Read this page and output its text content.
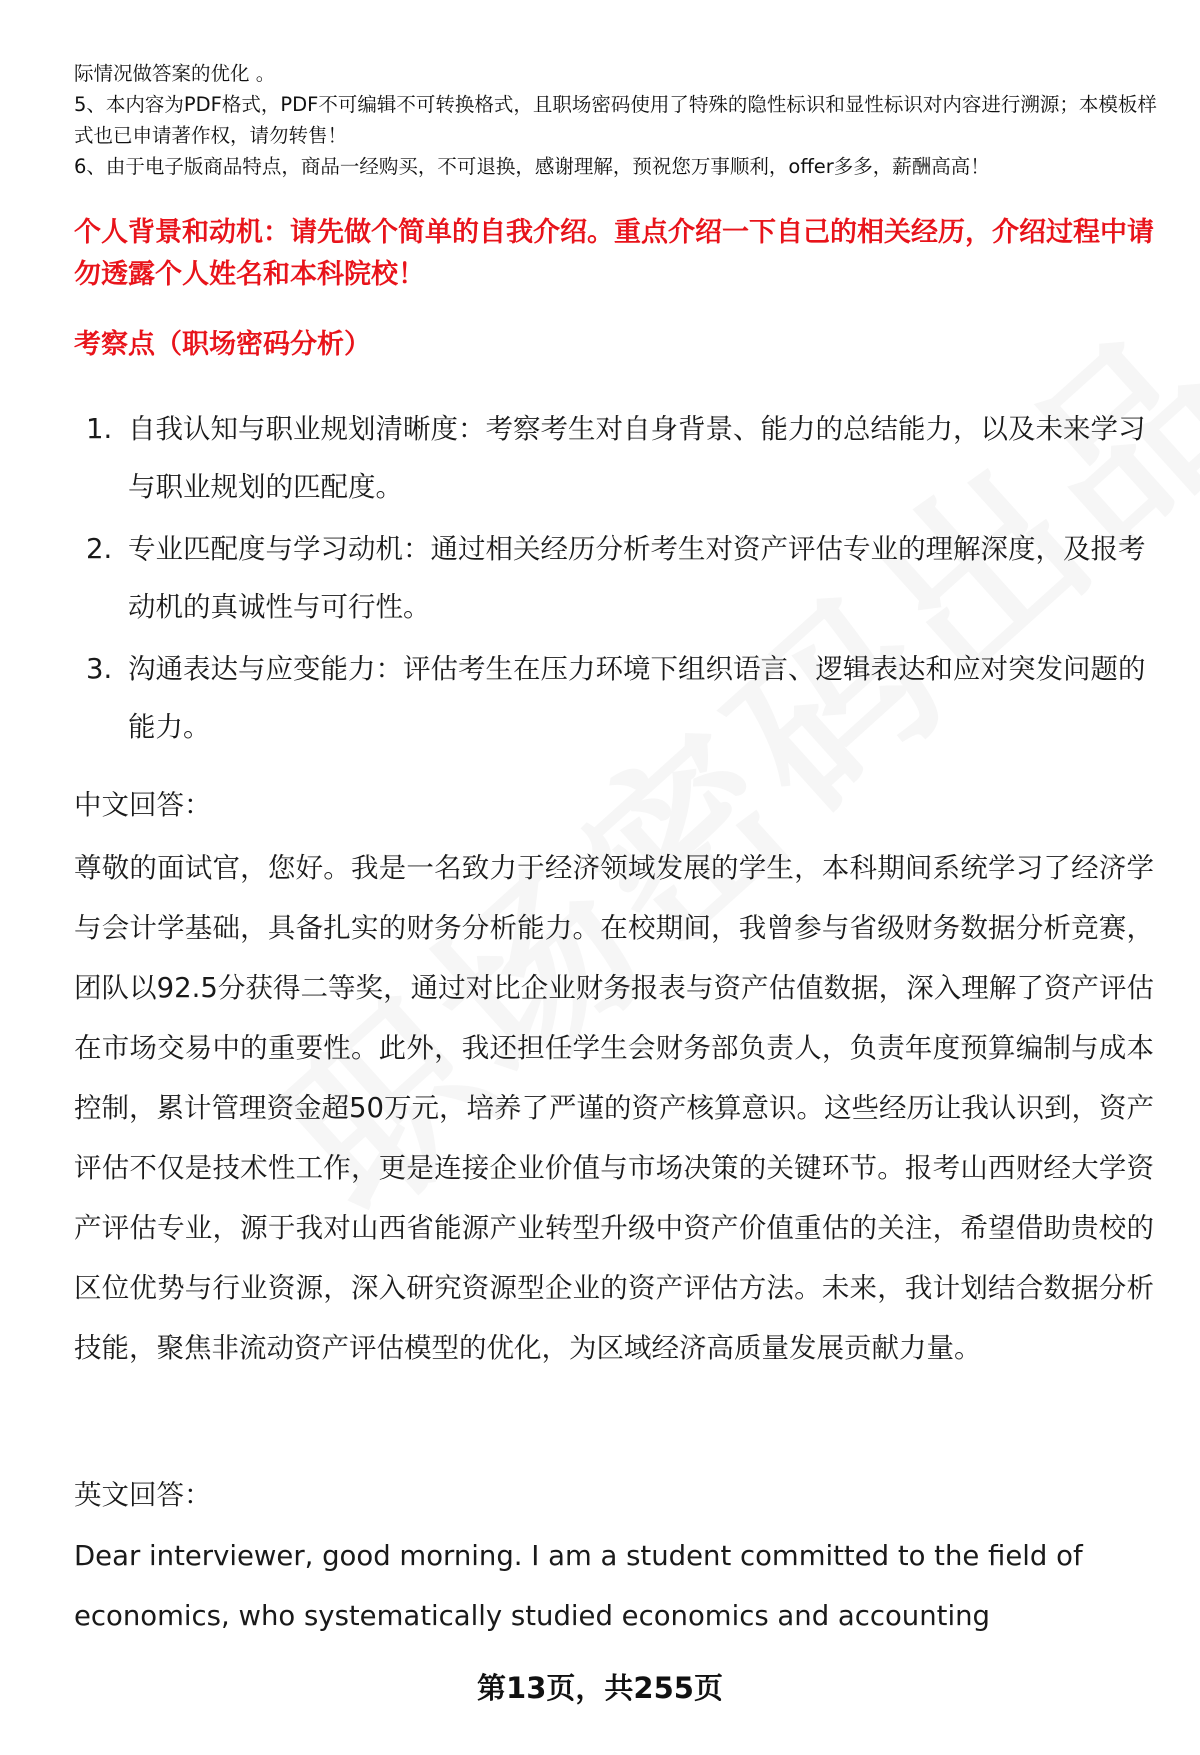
际情况做答案的优化 。

5、本内容为PDF格式，PDF不可编辑不可转换格式，且职场密码使用了特殊的隐性标识和显性标识对内容进行溯源；本模板样式也已申请著作权，请勿转售！

6、由于电子版商品特点，商品一经购买，不可退换，感谢理解，预祝您万事顺利，offer多多，薪酬高高！

个人背景和动机：请先做个简单的自我介绍。重点介绍一下自己的相关经历，介绍过程中请勿透露个人姓名和本科院校！
考察点（职场密码分析）
1. 自我认知与职业规划清晰度：考察考生对自身背景、能力的总结能力，以及未来学习与职业规划的匹配度。
2. 专业匹配度与学习动机：通过相关经历分析考生对资产评估专业的理解深度，及报考动机的真诚性与可行性。
3. 沟通表达与应变能力：评估考生在压力环境下组织语言、逻辑表达和应对突发问题的能力。
中文回答：
尊敬的面试官，您好。我是一名致力于经济领域发展的学生，本科期间系统学习了经济学与会计学基础，具备扎实的财务分析能力。在校期间，我曾参与省级财务数据分析竞赛，团队以92.5分获得二等奖，通过对比企业财务报表与资产估值数据，深入理解了资产评估在市场交易中的重要性。此外，我还担任学生会财务部负责人，负责年度预算编制与成本控制，累计管理资金超50万元，培养了严谨的资产核算意识。这些经历让我认识到，资产评估不仅是技术性工作，更是连接企业价值与市场决策的关键环节。报考山西财经大学资产评估专业，源于我对山西省能源产业转型升级中资产价值重估的关注，希望借助贵校的区位优势与行业资源，深入研究资源型企业的资产评估方法。未来，我计划结合数据分析技能，聚焦非流动资产评估模型的优化，为区域经济高质量发展贡献力量。
英文回答：
Dear interviewer, good morning. I am a student committed to the field of economics, who systematically studied economics and accounting
第13页，共255页
